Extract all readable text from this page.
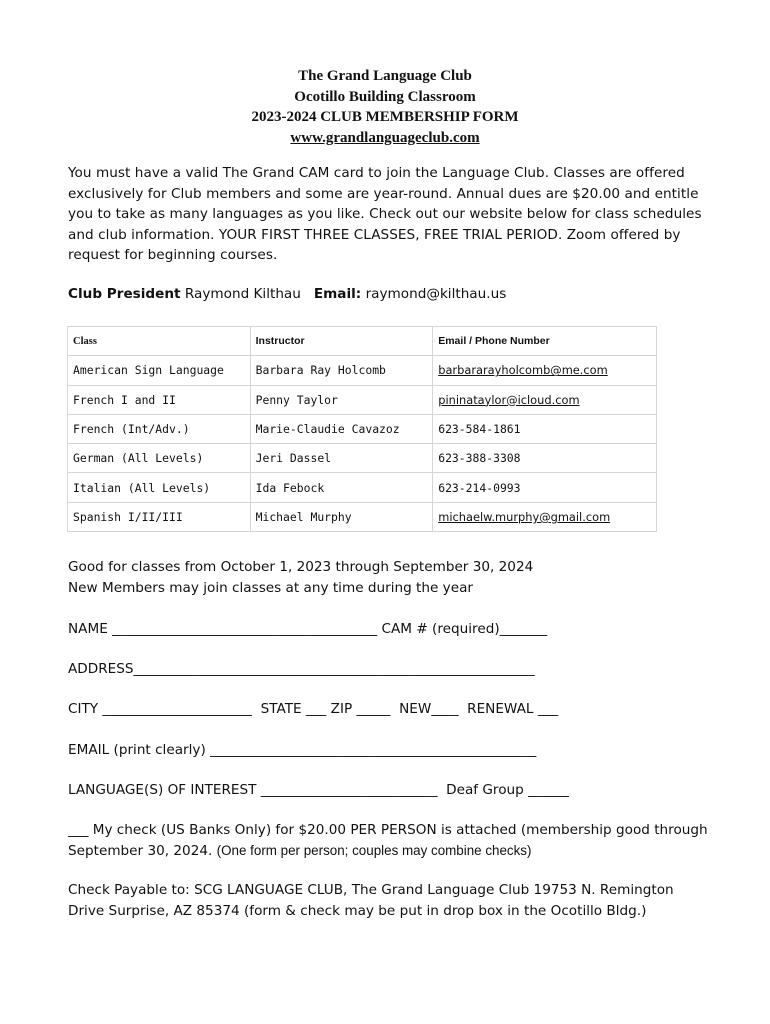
The Grand Language Club
Ocotillo Building Classroom
2023-2024 CLUB MEMBERSHIP FORM
www.grandlanguageclub.com
You must have a valid The Grand CAM card to join the Language Club. Classes are offered exclusively for Club members and some are year-round. Annual dues are $20.00 and entitle you to take as many languages as you like. Check out our website below for class schedules and club information. YOUR FIRST THREE CLASSES, FREE TRIAL PERIOD. Zoom offered by request for beginning courses.
Club President Raymond Kilthau Email: raymond@kilthau.us
Class	Instructor	Email / Phone Number
American Sign Language	Barbara Ray Holcomb	barbararayholcomb@me.com
French I and II	Penny Taylor	pininataylor@icloud.com
French (Int/Adv.)	Marie-Claudie Cavazoz	623-584-1861
German (All Levels)	Jeri Dassel	623-388-3308
Italian (All Levels)	Ida Febock	623-214-0993
Spanish I/II/III	Michael Murphy	michaelw.murphy@gmail.com
Good for classes from October 1, 2023 through September 30, 2024
New Members may join classes at any time during the year
NAME _______________________________________ CAM # (required)_______
ADDRESS___________________________________________________________
CITY ______________________  STATE ___ ZIP _____  NEW____  RENEWAL ___
EMAIL (print clearly) ________________________________________________
LANGUAGE(S) OF INTEREST __________________________  Deaf Group ______
___ My check (US Banks Only) for $20.00 PER PERSON is attached (membership good through September 30, 2024. (One form per person; couples may combine checks)
Check Payable to: SCG LANGUAGE CLUB, The Grand Language Club 19753 N. Remington Drive Surprise, AZ 85374 (form & check may be put in drop box in the Ocotillo Bldg.)
